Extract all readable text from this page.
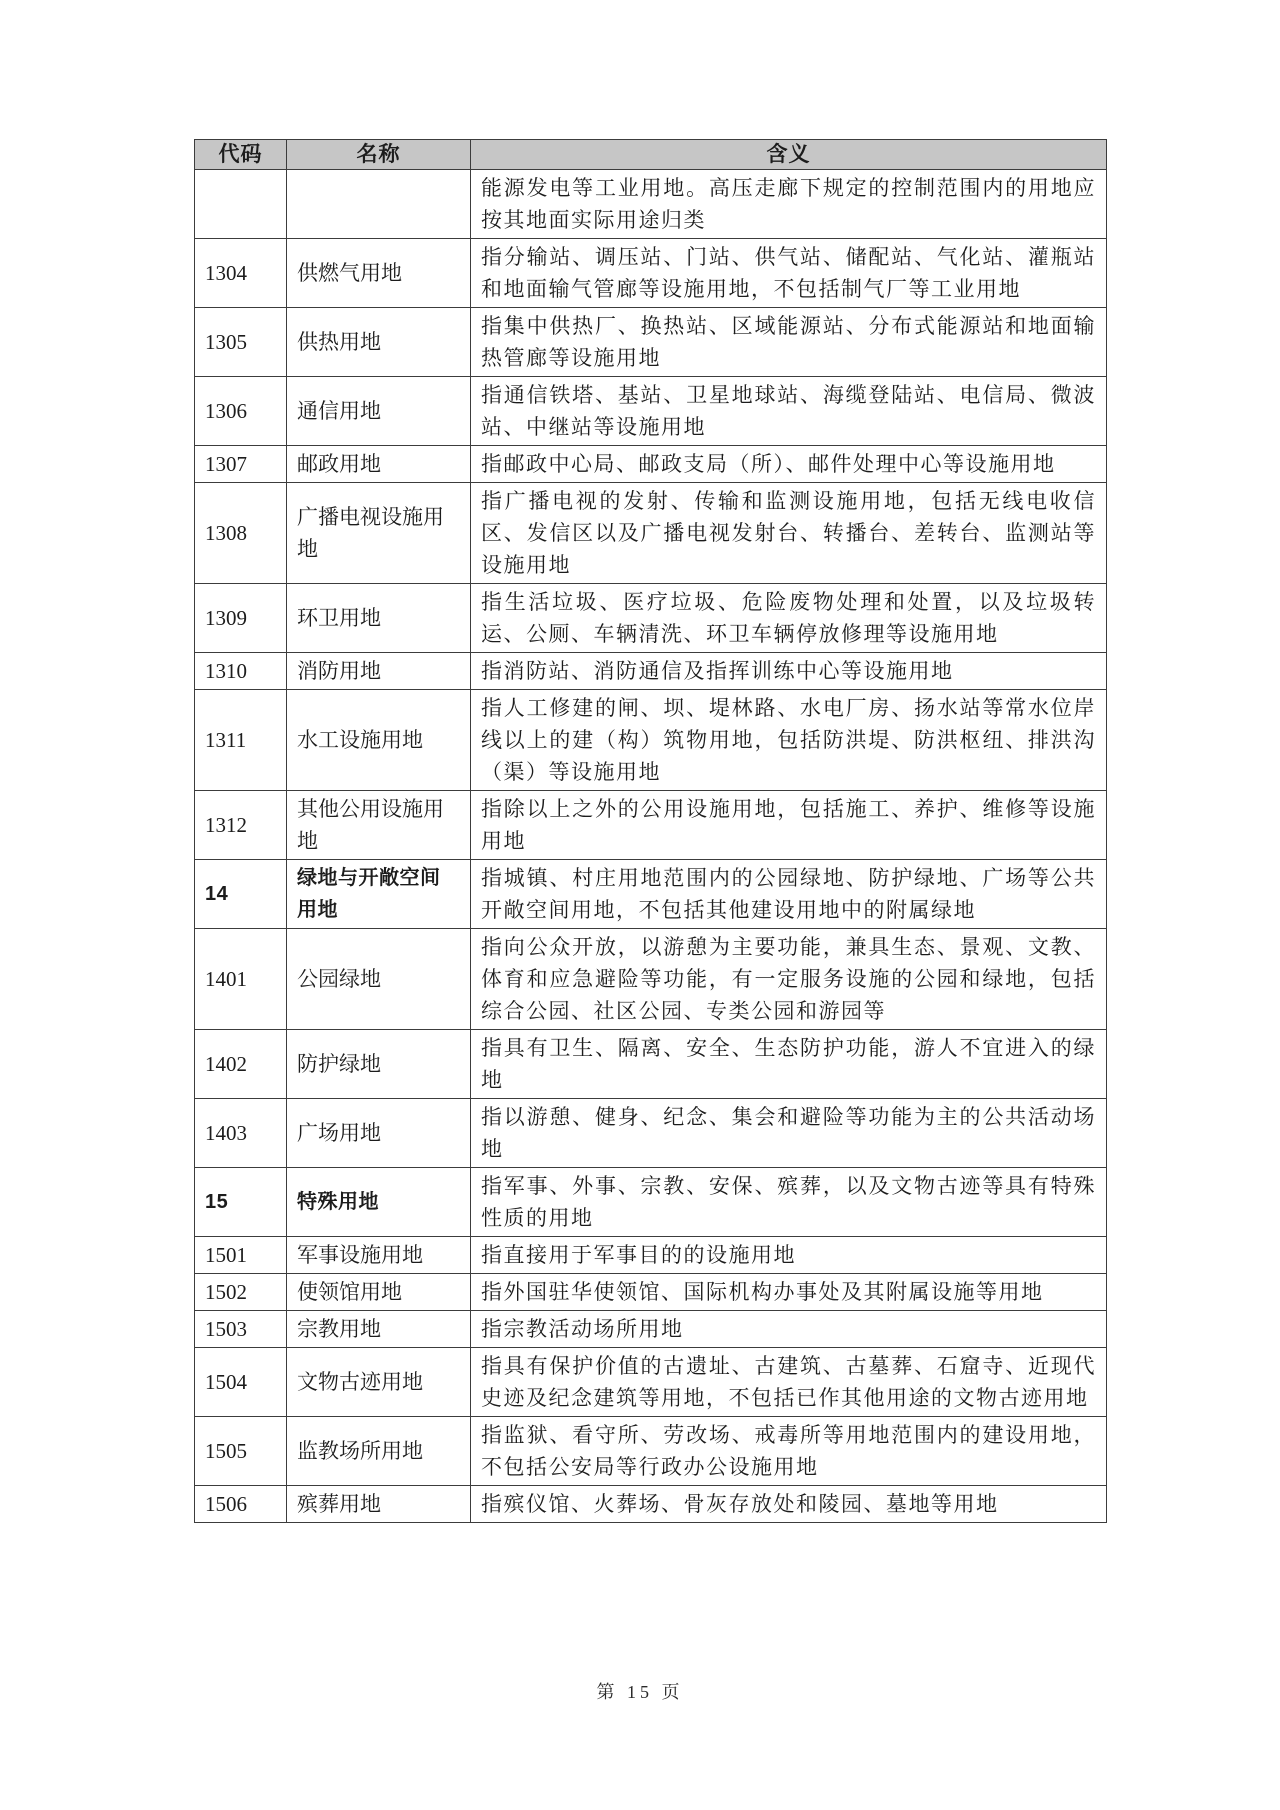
代码	名称	含义
		能源发电等工业用地。高压走廊下规定的控制范围内的用地应按其地面实际用途归类
1304	供燃气用地	指分输站、调压站、门站、供气站、储配站、气化站、灌瓶站和地面输气管廊等设施用地，不包括制气厂等工业用地
1305	供热用地	指集中供热厂、换热站、区域能源站、分布式能源站和地面输热管廊等设施用地
1306	通信用地	指通信铁塔、基站、卫星地球站、海缆登陆站、电信局、微波站、中继站等设施用地
1307	邮政用地	指邮政中心局、邮政支局（所）、邮件处理中心等设施用地
1308	广播电视设施用地	指广播电视的发射、传输和监测设施用地，包括无线电收信区、发信区以及广播电视发射台、转播台、差转台、监测站等设施用地
1309	环卫用地	指生活垃圾、医疗垃圾、危险废物处理和处置，以及垃圾转运、公厕、车辆清洗、环卫车辆停放修理等设施用地
1310	消防用地	指消防站、消防通信及指挥训练中心等设施用地
1311	水工设施用地	指人工修建的闸、坝、堤林路、水电厂房、扬水站等常水位岸线以上的建（构）筑物用地，包括防洪堤、防洪枢纽、排洪沟（渠）等设施用地
1312	其他公用设施用地	指除以上之外的公用设施用地，包括施工、养护、维修等设施用地
14	绿地与开敞空间用地	指城镇、村庄用地范围内的公园绿地、防护绿地、广场等公共开敞空间用地，不包括其他建设用地中的附属绿地
1401	公园绿地	指向公众开放，以游憩为主要功能，兼具生态、景观、文教、体育和应急避险等功能，有一定服务设施的公园和绿地，包括综合公园、社区公园、专类公园和游园等
1402	防护绿地	指具有卫生、隔离、安全、生态防护功能，游人不宜进入的绿地
1403	广场用地	指以游憩、健身、纪念、集会和避险等功能为主的公共活动场地
15	特殊用地	指军事、外事、宗教、安保、殡葬，以及文物古迹等具有特殊性质的用地
1501	军事设施用地	指直接用于军事目的的设施用地
1502	使领馆用地	指外国驻华使领馆、国际机构办事处及其附属设施等用地
1503	宗教用地	指宗教活动场所用地
1504	文物古迹用地	指具有保护价值的古遗址、古建筑、古墓葬、石窟寺、近现代史迹及纪念建筑等用地，不包括已作其他用途的文物古迹用地
1505	监教场所用地	指监狱、看守所、劳改场、戒毒所等用地范围内的建设用地，不包括公安局等行政办公设施用地
1506	殡葬用地	指殡仪馆、火葬场、骨灰存放处和陵园、墓地等用地
第 15 页
